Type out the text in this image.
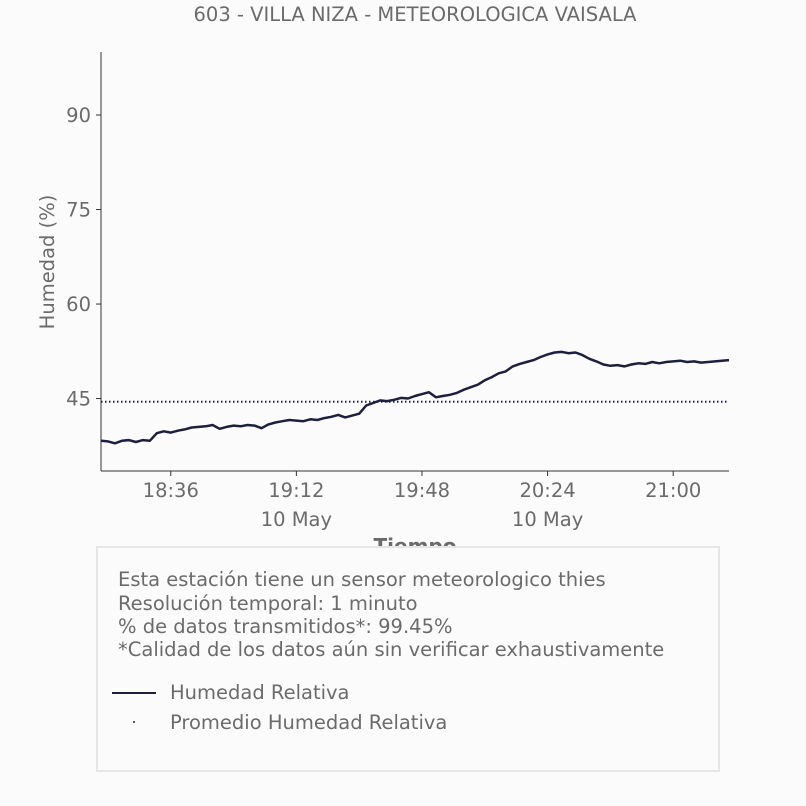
603 - VILLA NIZA - METEOROLOGICA VAISALA
45
60
75
90
18:36	19:12	19:48	20:24	21:00
10 May	10 May
Humedad (%)
Esta estación tiene un sensor meteorologico thies
Resolución temporal: 1 minuto
% de datos transmitidos*: 99.45%
*Calidad de los datos aún sin verificar exhaustivamente
Humedad Relativa
Promedio Humedad Relativa
